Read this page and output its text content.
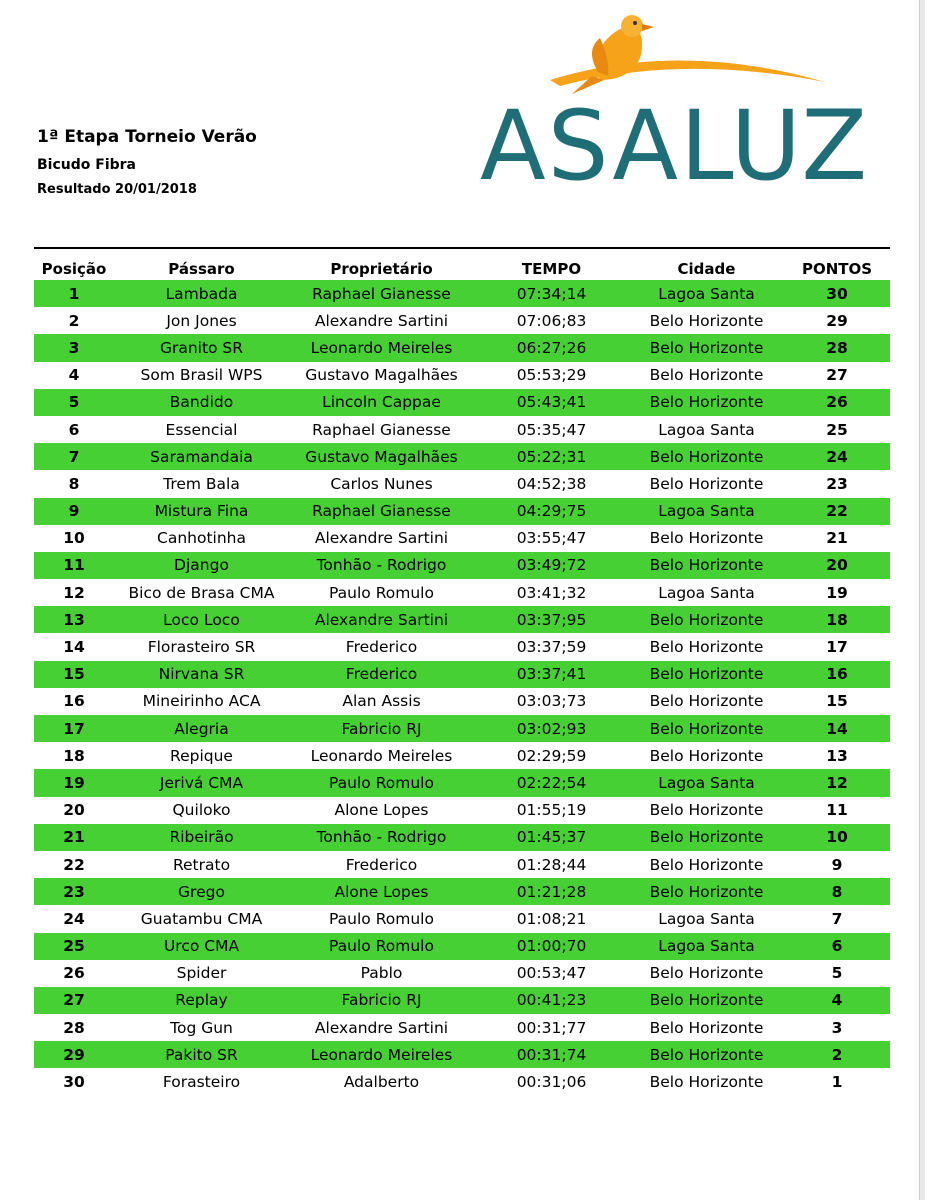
1ª Etapa Torneio Verão
Bicudo Fibra
Resultado 20/01/2018	ASALUZ
Posição	Pássaro	Proprietário	TEMPO	Cidade	PONTOS
1	Lambada	Raphael Gianesse	07:34;14	Lagoa Santa	30
2	Jon Jones	Alexandre Sartini	07:06;83	Belo Horizonte	29
3	Granito SR	Leonardo Meireles	06:27;26	Belo Horizonte	28
4	Som Brasil WPS	Gustavo Magalhães	05:53;29	Belo Horizonte	27
5	Bandido	Lincoln Cappae	05:43;41	Belo Horizonte	26
6	Essencial	Raphael Gianesse	05:35;47	Lagoa Santa	25
7	Saramandaia	Gustavo Magalhães	05:22;31	Belo Horizonte	24
8	Trem Bala	Carlos Nunes	04:52;38	Belo Horizonte	23
9	Mistura Fina	Raphael Gianesse	04:29;75	Lagoa Santa	22
10	Canhotinha	Alexandre Sartini	03:55;47	Belo Horizonte	21
11	Django	Tonhão - Rodrigo	03:49;72	Belo Horizonte	20
12	Bico de Brasa CMA	Paulo Romulo	03:41;32	Lagoa Santa	19
13	Loco Loco	Alexandre Sartini	03:37;95	Belo Horizonte	18
14	Florasteiro SR	Frederico	03:37;59	Belo Horizonte	17
15	Nirvana SR	Frederico	03:37;41	Belo Horizonte	16
16	Mineirinho ACA	Alan Assis	03:03;73	Belo Horizonte	15
17	Alegria	Fabricio RJ	03:02;93	Belo Horizonte	14
18	Repique	Leonardo Meireles	02:29;59	Belo Horizonte	13
19	Jerivá CMA	Paulo Romulo	02:22;54	Lagoa Santa	12
20	Quiloko	Alone Lopes	01:55;19	Belo Horizonte	11
21	Ribeirão	Tonhão - Rodrigo	01:45;37	Belo Horizonte	10
22	Retrato	Frederico	01:28;44	Belo Horizonte	9
23	Grego	Alone Lopes	01:21;28	Belo Horizonte	8
24	Guatambu CMA	Paulo Romulo	01:08;21	Lagoa Santa	7
25	Urco CMA	Paulo Romulo	01:00;70	Lagoa Santa	6
26	Spider	Pablo	00:53;47	Belo Horizonte	5
27	Replay	Fabricio RJ	00:41;23	Belo Horizonte	4
28	Tog Gun	Alexandre Sartini	00:31;77	Belo Horizonte	3
29	Pakito SR	Leonardo Meireles	00:31;74	Belo Horizonte	2
30	Forasteiro	Adalberto	00:31;06	Belo Horizonte	1
